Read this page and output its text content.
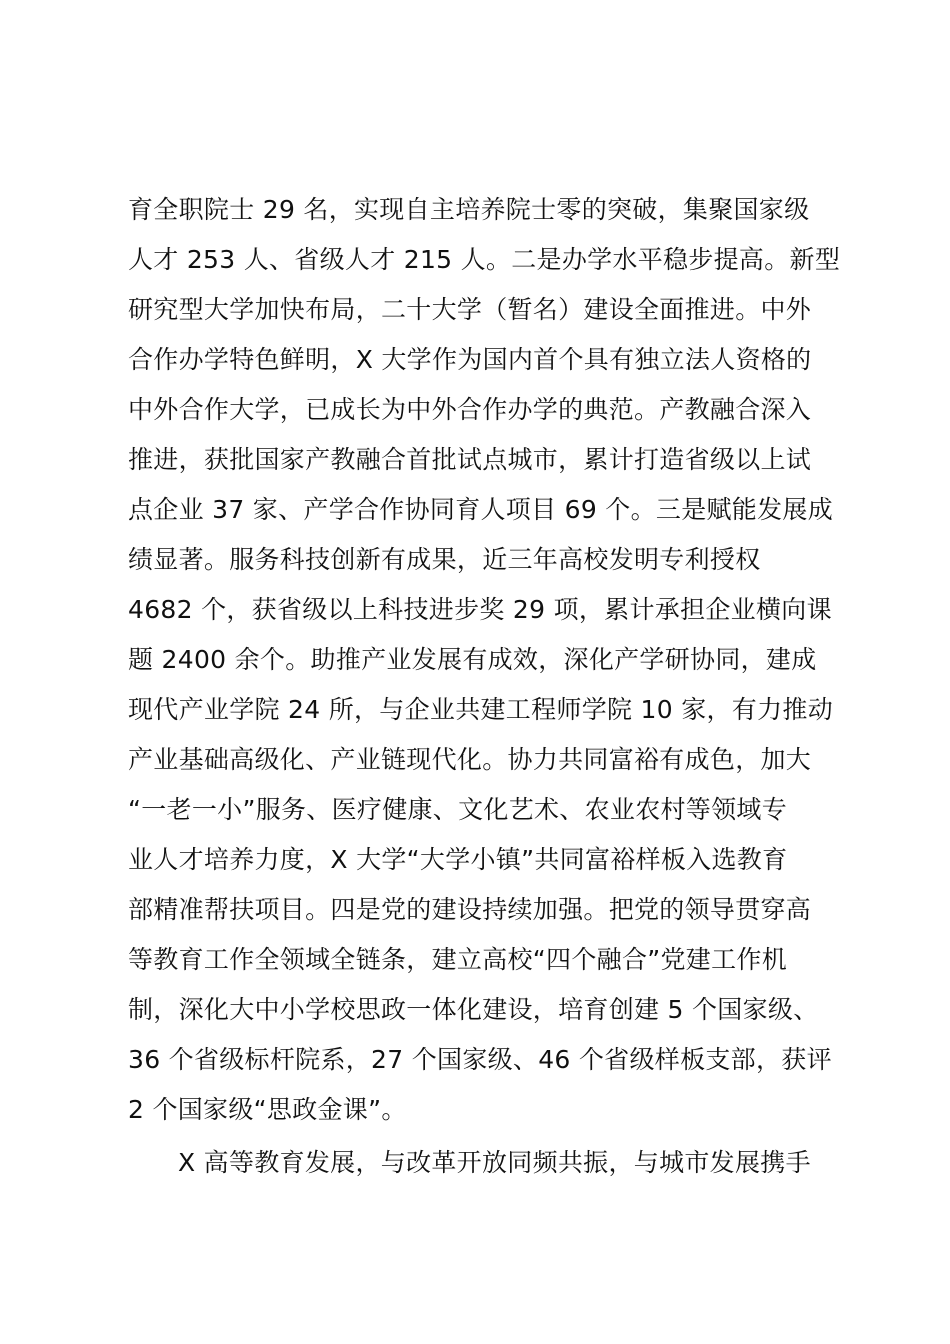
育全职院士 29 名，实现自主培养院士零的突破，集聚国家级
人才 253 人、省级人才 215 人。二是办学水平稳步提高。新型
研究型大学加快布局，二十大学（暂名）建设全面推进。中外
合作办学特色鲜明，X 大学作为国内首个具有独立法人资格的
中外合作大学，已成长为中外合作办学的典范。产教融合深入
推进，获批国家产教融合首批试点城市，累计打造省级以上试
点企业 37 家、产学合作协同育人项目 69 个。三是赋能发展成
绩显著。服务科技创新有成果，近三年高校发明专利授权
4682 个，获省级以上科技进步奖 29 项，累计承担企业横向课
题 2400 余个。助推产业发展有成效，深化产学研协同，建成
现代产业学院 24 所，与企业共建工程师学院 10 家，有力推动
产业基础高级化、产业链现代化。协力共同富裕有成色，加大
“一老一小”服务、医疗健康、文化艺术、农业农村等领域专
业人才培养力度，X 大学“大学小镇”共同富裕样板入选教育
部精准帮扶项目。四是党的建设持续加强。把党的领导贯穿高
等教育工作全领域全链条，建立高校“四个融合”党建工作机
制，深化大中小学校思政一体化建设，培育创建 5 个国家级、
36 个省级标杆院系，27 个国家级、46 个省级样板支部，获评
2 个国家级“思政金课”。
X 高等教育发展，与改革开放同频共振，与城市发展携手
